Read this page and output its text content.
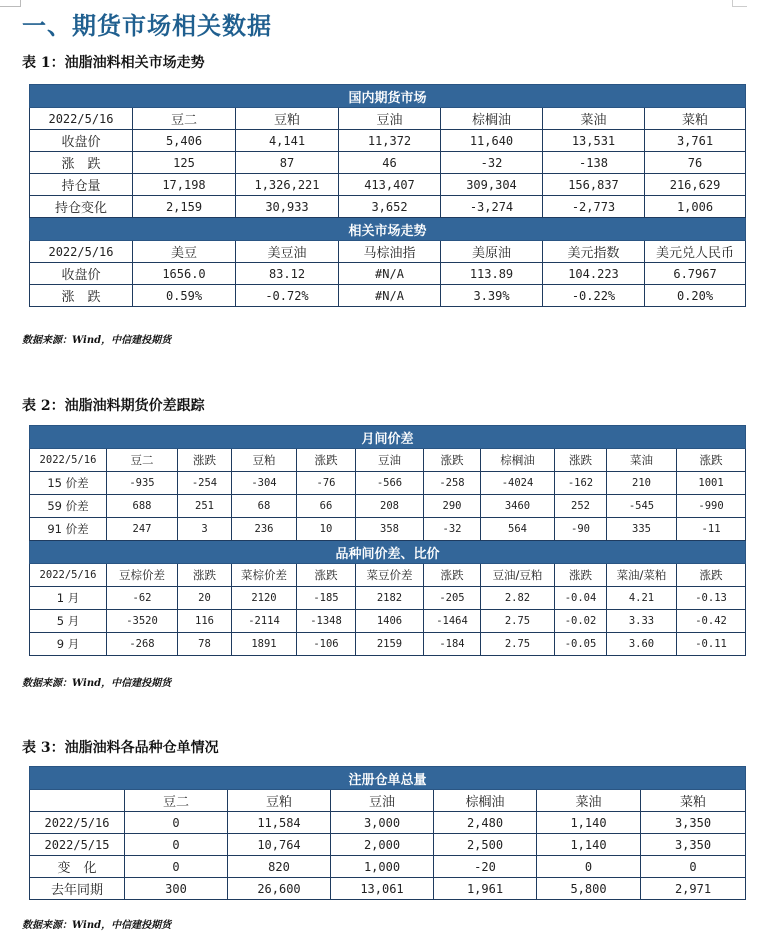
一、期货市场相关数据
表 1：油脂油料相关市场走势
国内期货市场						
2022/5/16	豆二	豆粕	豆油	棕榈油	菜油	菜粕
收盘价	5,406	4,141	11,372	11,640	13,531	3,761
涨　跌	125	87	46	-32	-138	76
持仓量	17,198	1,326,221	413,407	309,304	156,837	216,629
持仓变化	2,159	30,933	3,652	-3,274	-2,773	1,006
相关市场走势						
2022/5/16	美豆	美豆油	马棕油指	美原油	美元指数	美元兑人民币
收盘价	1656.0	83.12	#N/A	113.89	104.223	6.7967
涨　跌	0.59%	-0.72%	#N/A	3.39%	-0.22%	0.20%
数据来源：Wind，中信建投期货
表 2：油脂油料期货价差跟踪
月间价差										
2022/5/16	豆二	涨跌	豆粕	涨跌	豆油	涨跌	棕榈油	涨跌	菜油	涨跌
15 价差	-935	-254	-304	-76	-566	-258	-4024	-162	210	1001
59 价差	688	251	68	66	208	290	3460	252	-545	-990
91 价差	247	3	236	10	358	-32	564	-90	335	-11
品种间价差、比价										
2022/5/16	豆棕价差	涨跌	菜棕价差	涨跌	菜豆价差	涨跌	豆油/豆粕	涨跌	菜油/菜粕	涨跌
1 月	-62	20	2120	-185	2182	-205	2.82	-0.04	4.21	-0.13
5 月	-3520	116	-2114	-1348	1406	-1464	2.75	-0.02	3.33	-0.42
9 月	-268	78	1891	-106	2159	-184	2.75	-0.05	3.60	-0.11
数据来源：Wind，中信建投期货
表 3：油脂油料各品种仓单情况
注册仓单总量						
	豆二	豆粕	豆油	棕榈油	菜油	菜粕
2022/5/16	0	11,584	3,000	2,480	1,140	3,350
2022/5/15	0	10,764	2,000	2,500	1,140	3,350
变　化	0	820	1,000	-20	0	0
去年同期	300	26,600	13,061	1,961	5,800	2,971
数据来源：Wind，中信建投期货
